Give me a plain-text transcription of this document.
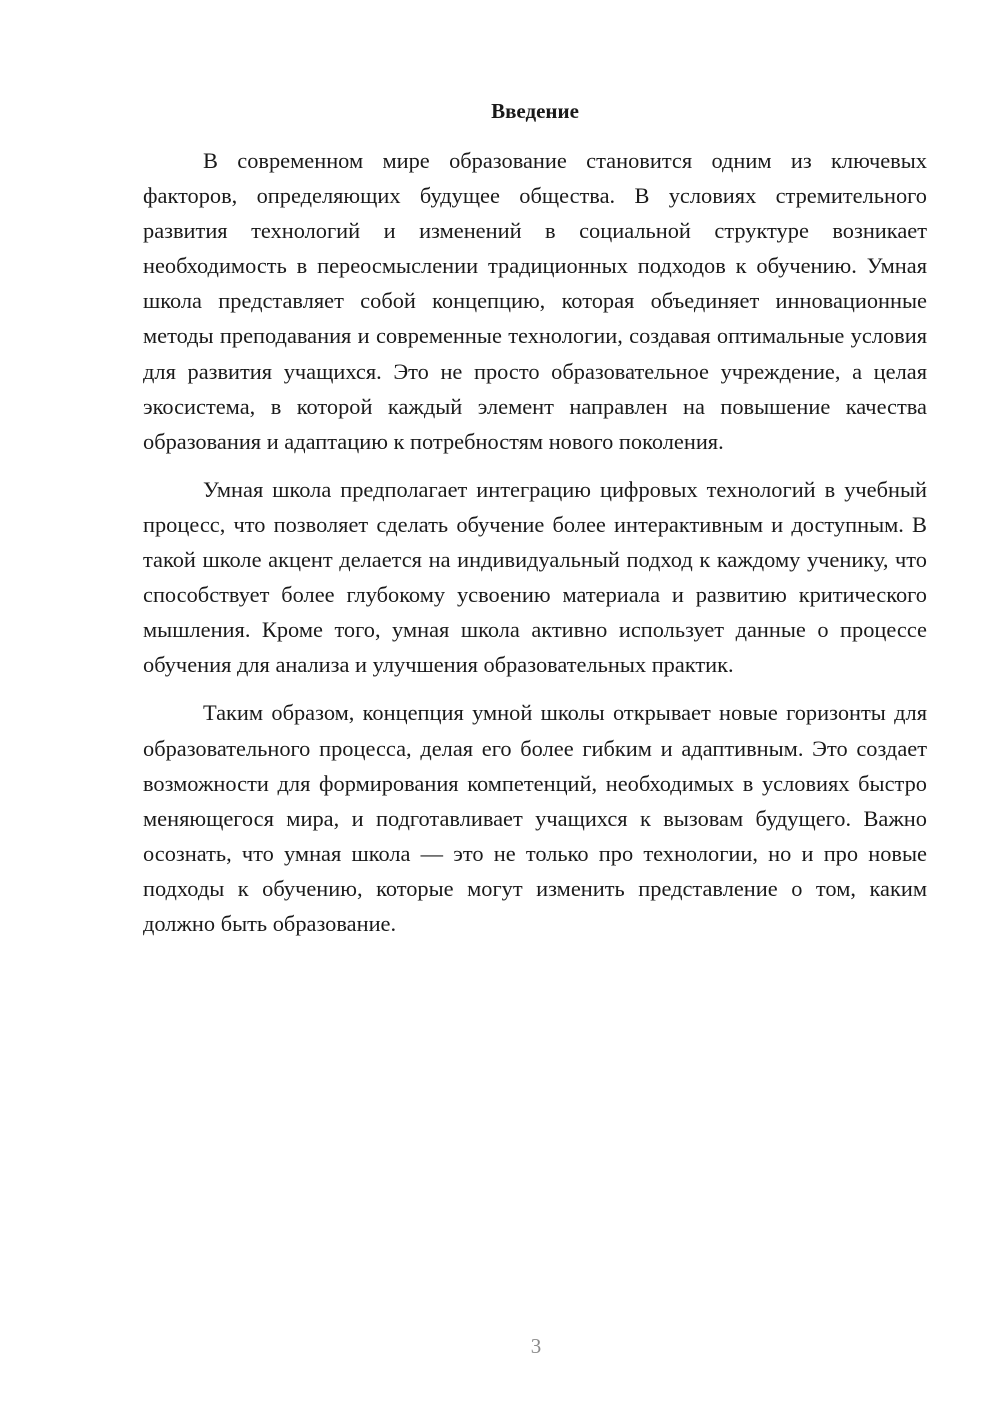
Введение

В современном мире образование становится одним из ключевых факторов, определяющих будущее общества. В условиях стремительного развития технологий и изменений в социальной структуре возникает необходимость в переосмыслении традиционных подходов к обучению. Умная школа представляет собой концепцию, которая объединяет инновационные методы преподавания и современные технологии, создавая оптимальные условия для развития учащихся. Это не просто образовательное учреждение, а целая экосистема, в которой каждый элемент направлен на повышение качества образования и адаптацию к потребностям нового поколения.

Умная школа предполагает интеграцию цифровых технологий в учебный процесс, что позволяет сделать обучение более интерактивным и доступным. В такой школе акцент делается на индивидуальный подход к каждому ученику, что способствует более глубокому усвоению материала и развитию критического мышления. Кроме того, умная школа активно использует данные о процессе обучения для анализа и улучшения образовательных практик.

Таким образом, концепция умной школы открывает новые горизонты для образовательного процесса, делая его более гибким и адаптивным. Это создает возможности для формирования компетенций, необходимых в условиях быстро меняющегося мира, и подготавливает учащихся к вызовам будущего. Важно осознать, что умная школа — это не только про технологии, но и про новые подходы к обучению, которые могут изменить представление о том, каким должно быть образование.

3
